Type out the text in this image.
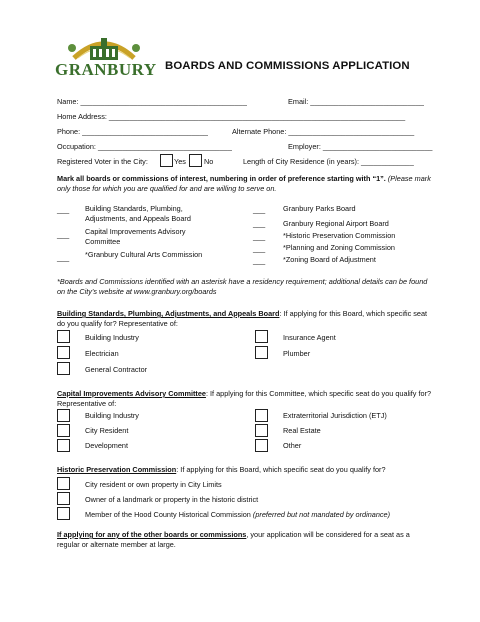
GRANBURY BOARDS AND COMMISSIONS APPLICATION
Name: _________________________________________	Email: ____________________________
Home Address: _________________________________________________________________________
Phone: _______________________________	Alternate Phone: _______________________________
Occupation: _________________________________	Employer: ___________________________
Registered Voter in the City:	Yes No	Length of City Residence (in years): _____________
Mark all boards or commissions of interest, numbering in order of preference starting with “1”. (Please mark only those for which you are qualified for and are willing to serve on.
___ Building Standards, Plumbing,
Adjustments, and Appeals Board
___ Capital Improvements Advisory
Committee
___ *Granbury Cultural Arts Commission
___ Granbury Parks Board
___ Granbury Regional Airport Board
___ *Historic Preservation Commission
___ *Planning and Zoning Commission
___ *Zoning Board of Adjustment
*Boards and Commissions identified with an asterisk have a residency requirement; additional details can be found on the City’s website at www.granbury.org/boards
Building Standards, Plumbing, Adjustments, and Appeals Board: If applying for this Board, which specific seat do you qualify for? Representative of:
Building Industry	Insurance Agent
Electrician	Plumber
General Contractor
Capital Improvements Advisory Committee: If applying for this Committee, which specific seat do you qualify for? Representative of:
Building Industry	Extraterritorial Jurisdiction (ETJ)
City Resident	Real Estate
Development	Other
Historic Preservation Commission: If applying for this Board, which specific seat do you qualify for?
City resident or own property in City Limits
Owner of a landmark or property in the historic district
Member of the Hood County Historical Commission (preferred but not mandated by ordinance)
If applying for any of the other boards or commissions, your application will be considered for a seat as a regular or alternate member at large.
